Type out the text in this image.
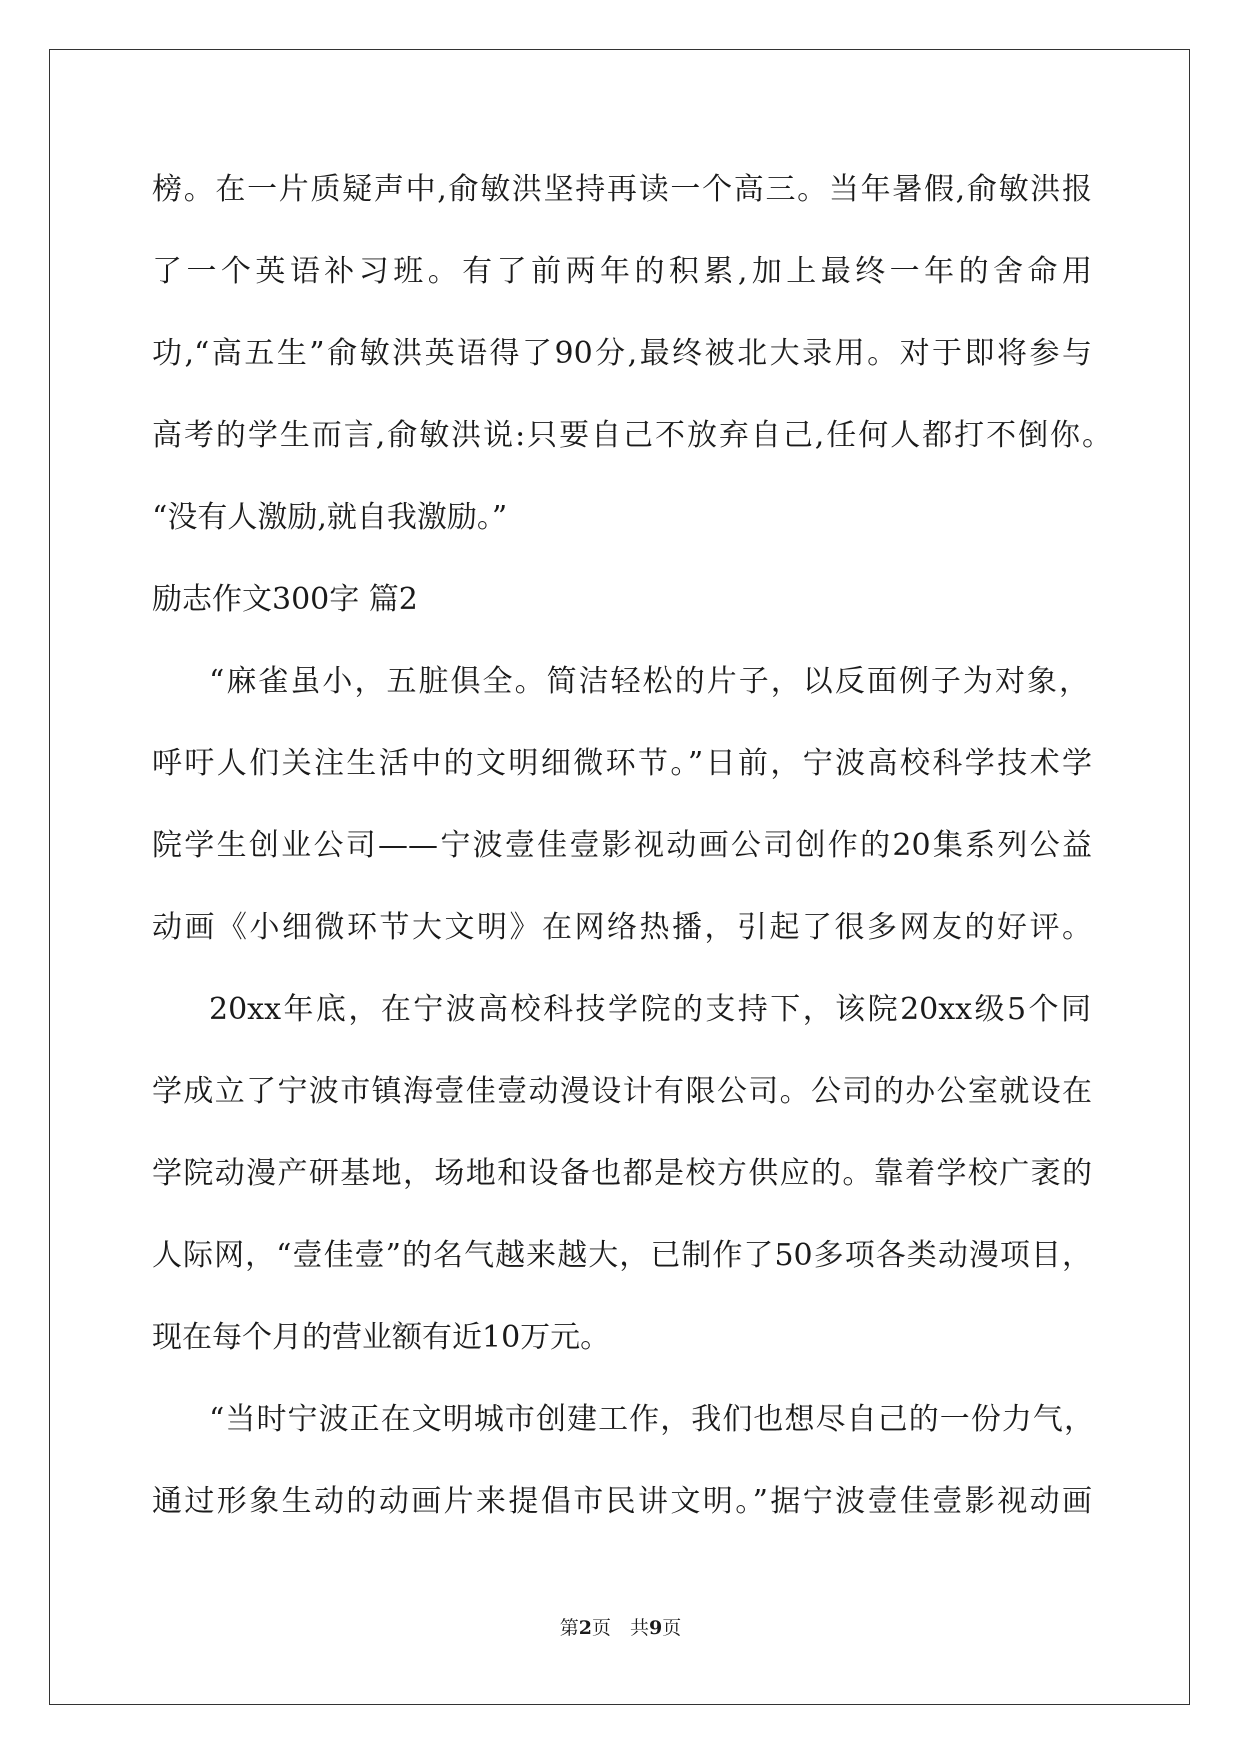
榜。在一片质疑声中,俞敏洪坚持再读一个高三。当年暑假,俞敏洪报
了一个英语补习班。有了前两年的积累,加上最终一年的舍命用
功,“高五生”俞敏洪英语得了90分,最终被北大录用。对于即将参与
高考的学生而言,俞敏洪说:只要自己不放弃自己,任何人都打不倒你。
“没有人激励,就自我激励。”
励志作文300字 篇2
“麻雀虽小，五脏俱全。简洁轻松的片子，以反面例子为对象，
呼吁人们关注生活中的文明细微环节。”日前，宁波高校科学技术学
院学生创业公司——宁波壹佳壹影视动画公司创作的20集系列公益
动画《小细微环节大文明》在网络热播，引起了很多网友的好评。
20xx年底，在宁波高校科技学院的支持下，该院20xx级5个同
学成立了宁波市镇海壹佳壹动漫设计有限公司。公司的办公室就设在
学院动漫产研基地，场地和设备也都是校方供应的。靠着学校广袤的
人际网，“壹佳壹”的名气越来越大，已制作了50多项各类动漫项目，
现在每个月的营业额有近10万元。
“当时宁波正在文明城市创建工作，我们也想尽自己的一份力气，
通过形象生动的动画片来提倡市民讲文明。”据宁波壹佳壹影视动画
第2页　共9页
